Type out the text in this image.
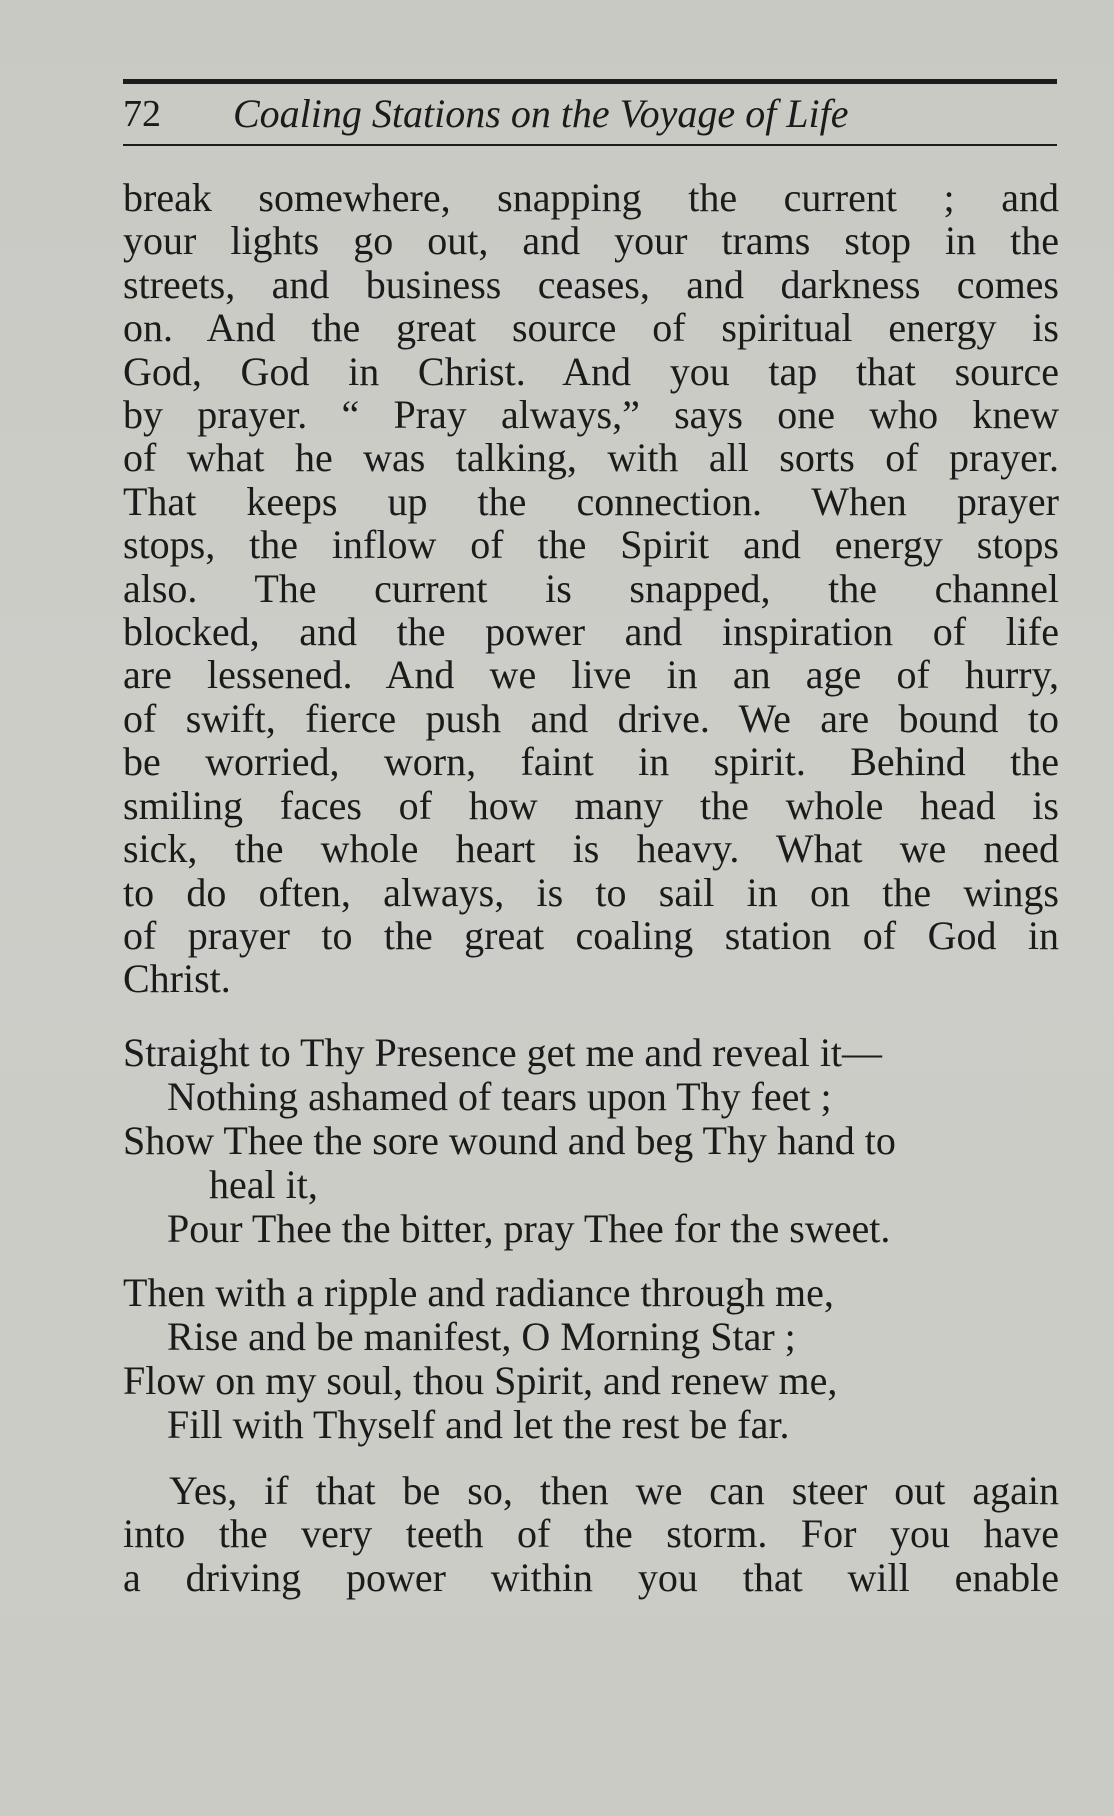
72 Coaling Stations on the Voyage of Life

break somewhere, snapping the current ; and
your lights go out, and your trams stop in the
streets, and business ceases, and darkness comes
on. And the great source of spiritual energy is
God, God in Christ. And you tap that source
by prayer. “ Pray always,” says one who knew
of what he was talking, with all sorts of prayer.
That keeps up the connection. When prayer
stops, the inflow of the Spirit and energy stops
also. The current is snapped, the channel
blocked, and the power and inspiration of life
are lessened. And we live in an age of hurry,
of swift, fierce push and drive. We are bound to
be worried, worn, faint in spirit. Behind the
smiling faces of how many the whole head is
sick, the whole heart is heavy. What we need
to do often, always, is to sail in on the wings
of prayer to the great coaling station of God in
Christ.

Straight to Thy Presence get me and reveal it—
Nothing ashamed of tears upon Thy feet ;
Show Thee the sore wound and beg Thy hand to
heal it,
Pour Thee the bitter, pray Thee for the sweet.
Then with a ripple and radiance through me,
Rise and be manifest, O Morning Star ;
Flow on my soul, thou Spirit, and renew me,
Fill with Thyself and let the rest be far.

Yes, if that be so, then we can steer out again
into the very teeth of the storm. For you have
a driving power within you that will enable
